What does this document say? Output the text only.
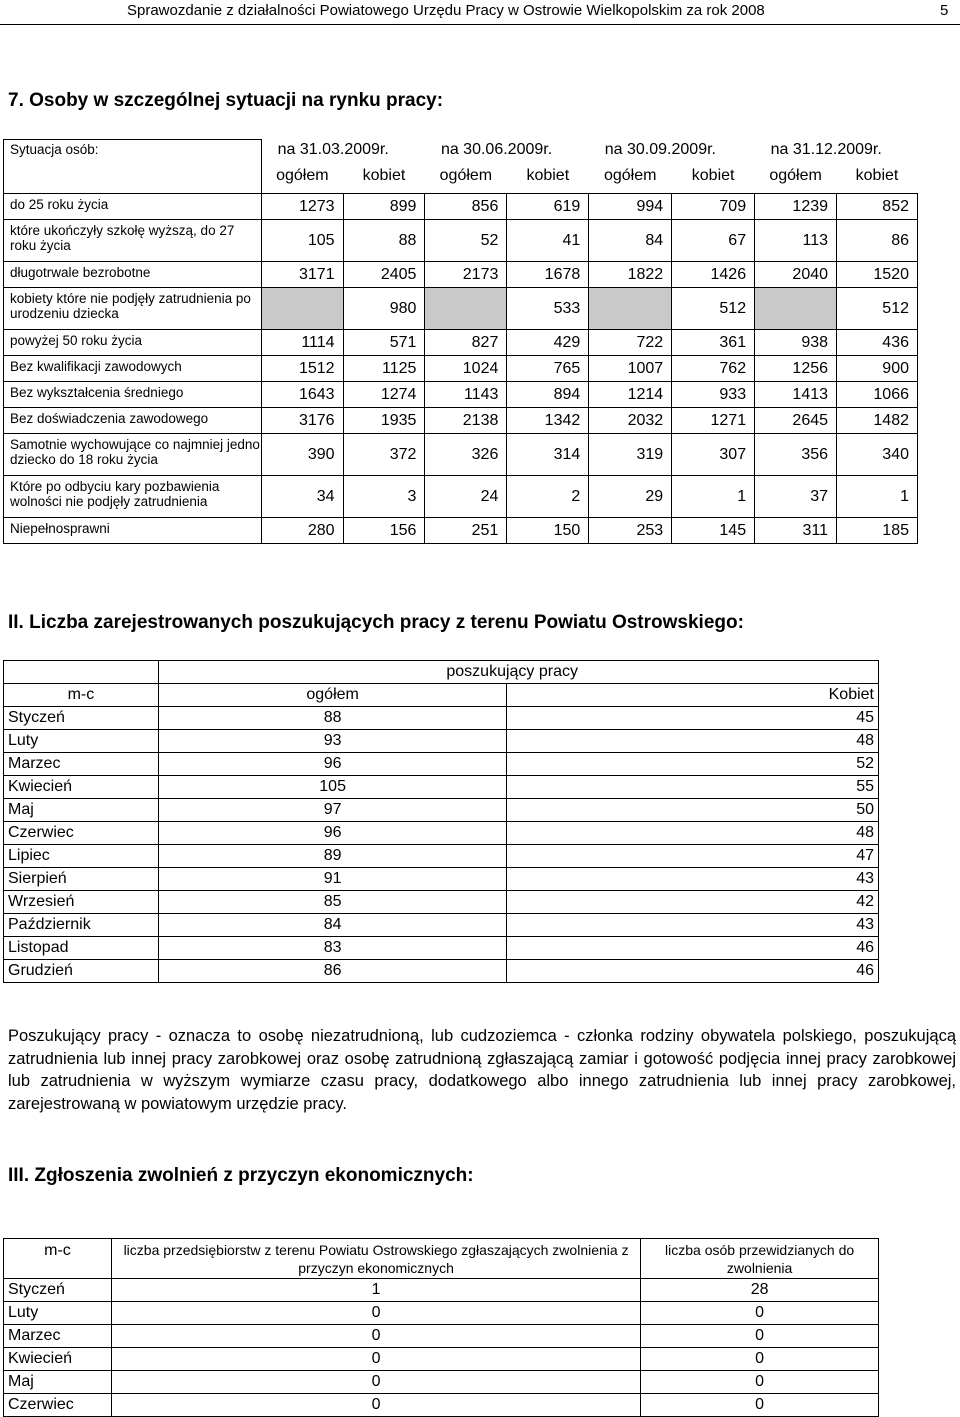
Sprawozdanie z działalności Powiatowego Urzędu Pracy w Ostrowie Wielkopolskim za rok 2008	5
7. Osoby w szczególnej sytuacji na rynku pracy:
Sytuacja osób:	na 31.03.2009r.		na 30.06.2009r.		na 30.09.2009r.		na 31.12.2009r.	
	ogółem	kobiet	ogółem	kobiet	ogółem	kobiet	ogółem	kobiet
do 25 roku życia	1273	899	856	619	994	709	1239	852
które ukończyły szkołę wyższą, do 27 roku życia	105	88	52	41	84	67	113	86
długotrwale bezrobotne	3171	2405	2173	1678	1822	1426	2040	1520
kobiety które nie podjęły zatrudnienia po urodzeniu dziecka		980		533		512		512
powyżej 50 roku życia	1114	571	827	429	722	361	938	436
Bez kwalifikacji zawodowych	1512	1125	1024	765	1007	762	1256	900
Bez wykształcenia średniego	1643	1274	1143	894	1214	933	1413	1066
Bez doświadczenia zawodowego	3176	1935	2138	1342	2032	1271	2645	1482
Samotnie wychowujące co najmniej jedno dziecko do 18 roku życia	390	372	326	314	319	307	356	340
Które po odbyciu kary pozbawienia wolności nie podjęły zatrudnienia	34	3	24	2	29	1	37	1
Niepełnosprawni	280	156	251	150	253	145	311	185
II. Liczba zarejestrowanych poszukujących pracy z terenu Powiatu Ostrowskiego:
	poszukujący pracy	
m-c	ogółem	Kobiet
Styczeń	88	45
Luty	93	48
Marzec	96	52
Kwiecień	105	55
Maj	97	50
Czerwiec	96	48
Lipiec	89	47
Sierpień	91	43
Wrzesień	85	42
Październik	84	43
Listopad	83	46
Grudzień	86	46
Poszukujący pracy - oznacza to osobę niezatrudnioną, lub cudzoziemca - członka rodziny obywatela polskiego, poszukującą zatrudnienia lub innej pracy zarobkowej oraz osobę zatrudnioną zgłaszającą zamiar i gotowość podjęcia innej pracy zarobkowej lub zatrudnienia w wyższym wymiarze czasu pracy, dodatkowego albo innego zatrudnienia lub innej pracy zarobkowej, zarejestrowaną w powiatowym urzędzie pracy.
III. Zgłoszenia zwolnień z przyczyn ekonomicznych:
m-c	liczba przedsiębiorstw z terenu Powiatu Ostrowskiego zgłaszających zwolnienia z przyczyn ekonomicznych	liczba osób przewidzianych do zwolnienia
Styczeń	1	28
Luty	0	0
Marzec	0	0
Kwiecień	0	0
Maj	0	0
Czerwiec	0	0
